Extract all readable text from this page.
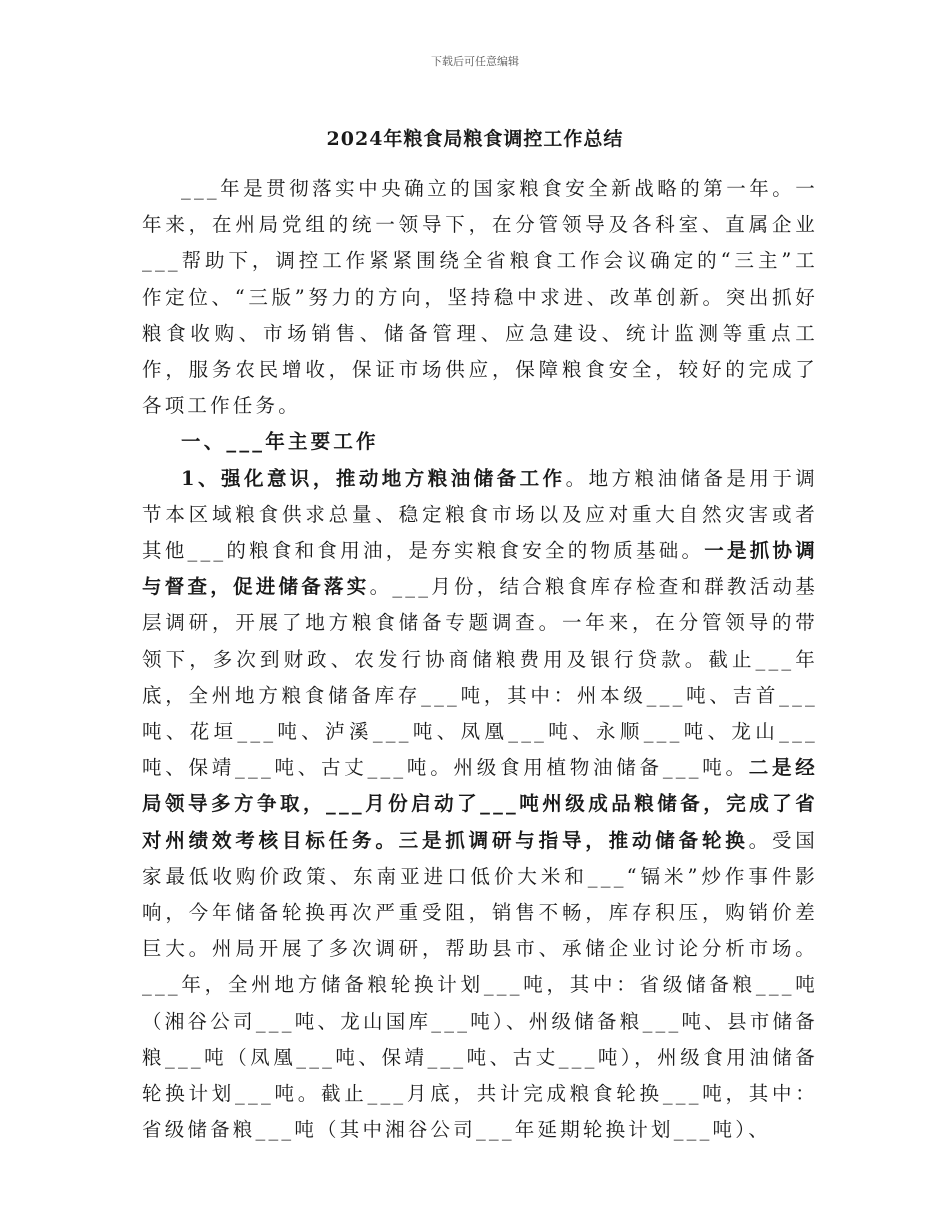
下载后可任意编辑
2024年粮食局粮食调控工作总结

___年是贯彻落实中央确立的国家粮食安全新战略的第一年。一年来，在州局党组的统一领导下，在分管领导及各科室、直属企业___帮助下，调控工作紧紧围绕全省粮食工作会议确定的“三主”工作定位、“三版”努力的方向，坚持稳中求进、改革创新。突出抓好粮食收购、市场销售、储备管理、应急建设、统计监测等重点工作，服务农民增收，保证市场供应，保障粮食安全，较好的完成了各项工作任务。

一、___年主要工作

1、强化意识，推动地方粮油储备工作。地方粮油储备是用于调节本区域粮食供求总量、稳定粮食市场以及应对重大自然灾害或者其他___的粮食和食用油，是夯实粮食安全的物质基础。一是抓协调与督查，促进储备落实。___月份，结合粮食库存检查和群教活动基层调研，开展了地方粮食储备专题调查。一年来，在分管领导的带领下，多次到财政、农发行协商储粮费用及银行贷款。截止___年底，全州地方粮食储备库存___吨，其中：州本级___吨、吉首___吨、花垣___吨、泸溪___吨、凤凰___吨、永顺___吨、龙山___吨、保靖___吨、古丈___吨。州级食用植物油储备___吨。二是经局领导多方争取，___月份启动了___吨州级成品粮储备，完成了省对州绩效考核目标任务。三是抓调研与指导，推动储备轮换。受国家最低收购价政策、东南亚进口低价大米和___“镉米”炒作事件影响，今年储备轮换再次严重受阻，销售不畅，库存积压，购销价差巨大。州局开展了多次调研，帮助县市、承储企业讨论分析市场。___年，全州地方储备粮轮换计划___吨，其中：省级储备粮___吨（湘谷公司___吨、龙山国库___吨）、州级储备粮___吨、县市储备粮___吨（凤凰___吨、保靖___吨、古丈___吨），州级食用油储备轮换计划___吨。截止___月底，共计完成粮食轮换___吨，其中：省级储备粮___吨（其中湘谷公司___年延期轮换计划___吨）、
